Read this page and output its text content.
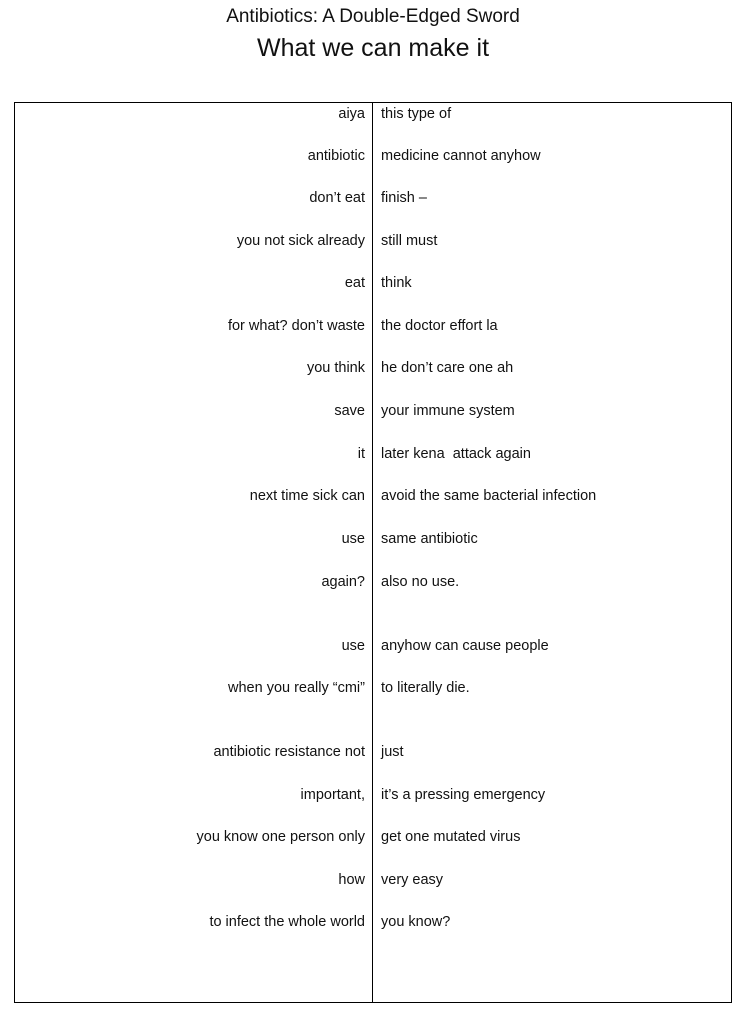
Antibiotics: A Double-Edged Sword
What we can make it
aiya this type of
antibiotic medicine cannot anyhow
don’t eat finish –
you not sick already still must
eat think
for what? don’t waste the doctor effort la
you think he don’t care one ah
save your immune system
it later kena  attack again
next time sick can avoid the same bacterial infection
use same antibiotic
again? also no use.
use anyhow can cause people
when you really “cmi” to literally die.
antibiotic resistance not just
important, it’s a pressing emergency
you know one person only get one mutated virus
how very easy
to infect the whole world you know?
